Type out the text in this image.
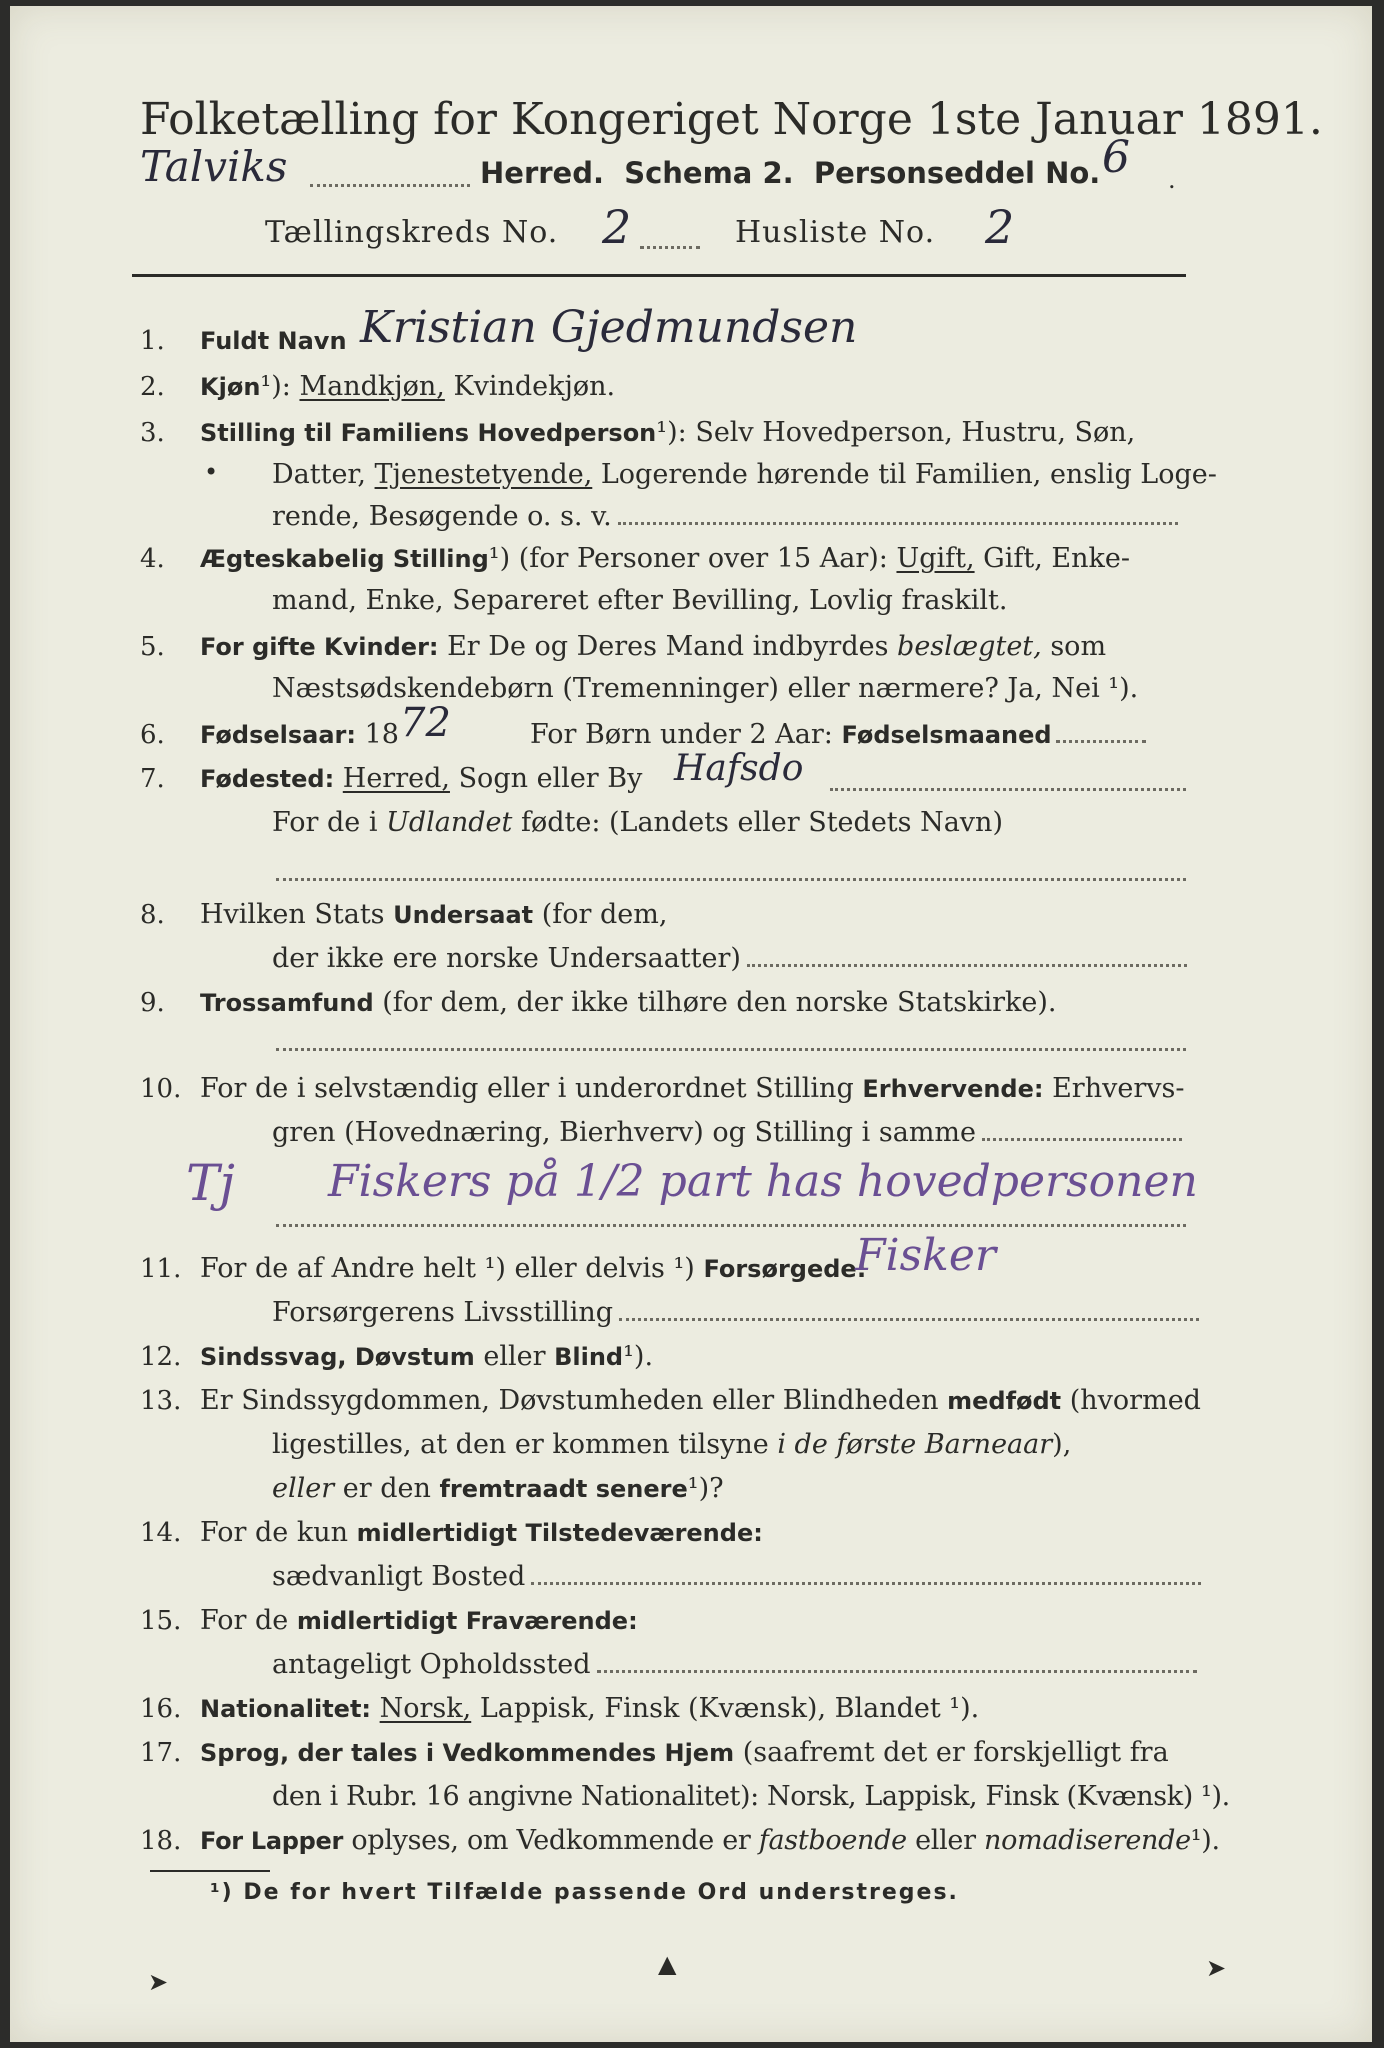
Folketælling for Kongeriget Norge 1ste Januar 1891.
Talviks	Herred. Schema 2. Personseddel No. 6 .
Tællingskreds No. 2	Husliste No. 2
1. Fuldt Navn Kristian Gjedmundsen
2. Kjøn¹): Mandkjøn, Kvindekjøn.
3. Stilling til Familiens Hovedperson¹): Selv Hovedperson, Hustru, Søn,
• Datter, Tjenestetyende, Logerende hørende til Familien, enslig Loge-
rende, Besøgende o. s. v.
4. Ægteskabelig Stilling¹) (for Personer over 15 Aar): Ugift, Gift, Enke-
mand, Enke, Separeret efter Bevilling, Lovlig fraskilt.
5. For gifte Kvinder: Er De og Deres Mand indbyrdes beslægtet, som
Næstsødskendebørn (Tremenninger) eller nærmere? Ja, Nei ¹).
6. Fødselsaar: 18 72	For Børn under 2 Aar: Fødselsmaaned
7. Fødested: Herred, Sogn eller By Hafsdo
For de i Udlandet fødte: (Landets eller Stedets Navn)
8. Hvilken Stats Undersaat (for dem,
der ikke ere norske Undersaatter)
9. Trossamfund (for dem, der ikke tilhøre den norske Statskirke).
10. For de i selvstændig eller i underordnet Stilling Erhvervende: Erhvervs-
gren (Hovednæring, Bierhverv) og Stilling i samme
Tj Fiskers på 1/2 part has hovedpersonen
11. For de af Andre helt ¹) eller delvis ¹) Forsørgede:
Fisker
Forsørgerens Livsstilling
12. Sindssvag, Døvstum eller Blind¹).
13. Er Sindssygdommen, Døvstumheden eller Blindheden medfødt (hvormed
ligestilles, at den er kommen tilsyne i de første Barneaar),
eller er den fremtraadt senere¹)?
14. For de kun midlertidigt Tilstedeværende:
sædvanligt Bosted
15. For de midlertidigt Fraværende:
antageligt Opholdssted
16. Nationalitet: Norsk, Lappisk, Finsk (Kvænsk), Blandet ¹).
17. Sprog, der tales i Vedkommendes Hjem (saafremt det er forskjelligt fra
den i Rubr. 16 angivne Nationalitet): Norsk, Lappisk, Finsk (Kvænsk) ¹).
18. For Lapper oplyses, om Vedkommende er fastboende eller nomadiserende¹).
¹) De for hvert Tilfælde passende Ord understreges.
➤
▲	➤
